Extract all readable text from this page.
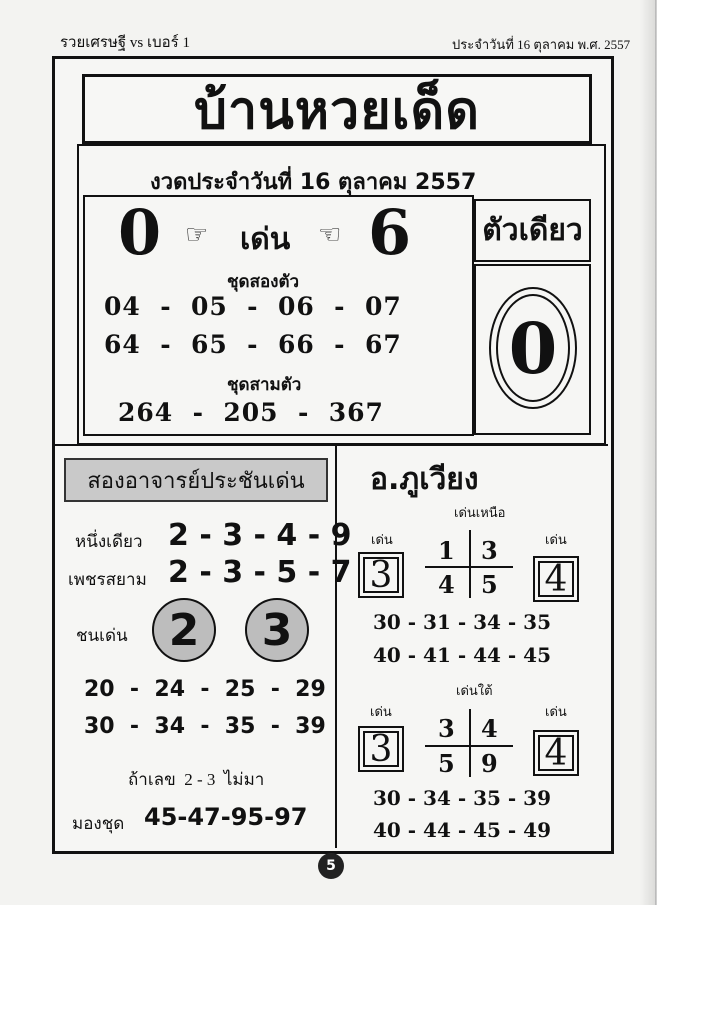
รวยเศรษฐี vs เบอร์ 1	ประจำวันที่ 16 ตุลาคม พ.ศ. 2557
บ้านหวยเด็ด
งวดประจำวันที่ 16 ตุลาคม 2557
0 ☞ เด่น ☞ 6
ชุดสองตัว
04  -  05  -  06  -  07
64  -  65  -  66  -  67
ชุดสามตัว
264  -  205  -  367
ตัวเดียว
0
สองอาจารย์ประชันเด่น
หนึ่งเดียว 2 - 3 - 4 - 9
เพชรสยาม 2 - 3 - 5 - 7
ชนเด่น 2	3
20  -  24  -  25  -  29
30  -  34  -  35  -  39
ถ้าเลข  2 - 3  ไม่มา
มองชุด 45-47-95-97
อ.ภูเวียง
เด่นเหนือ
เด่น	เด่น
3	4
1 3
4 5
30 - 31 - 34 - 35
40 - 41 - 44 - 45
เด่นใต้
เด่น	เด่น
3	4
3 4
5 9
30 - 34 - 35 - 39
40 - 44 - 45 - 49
5
